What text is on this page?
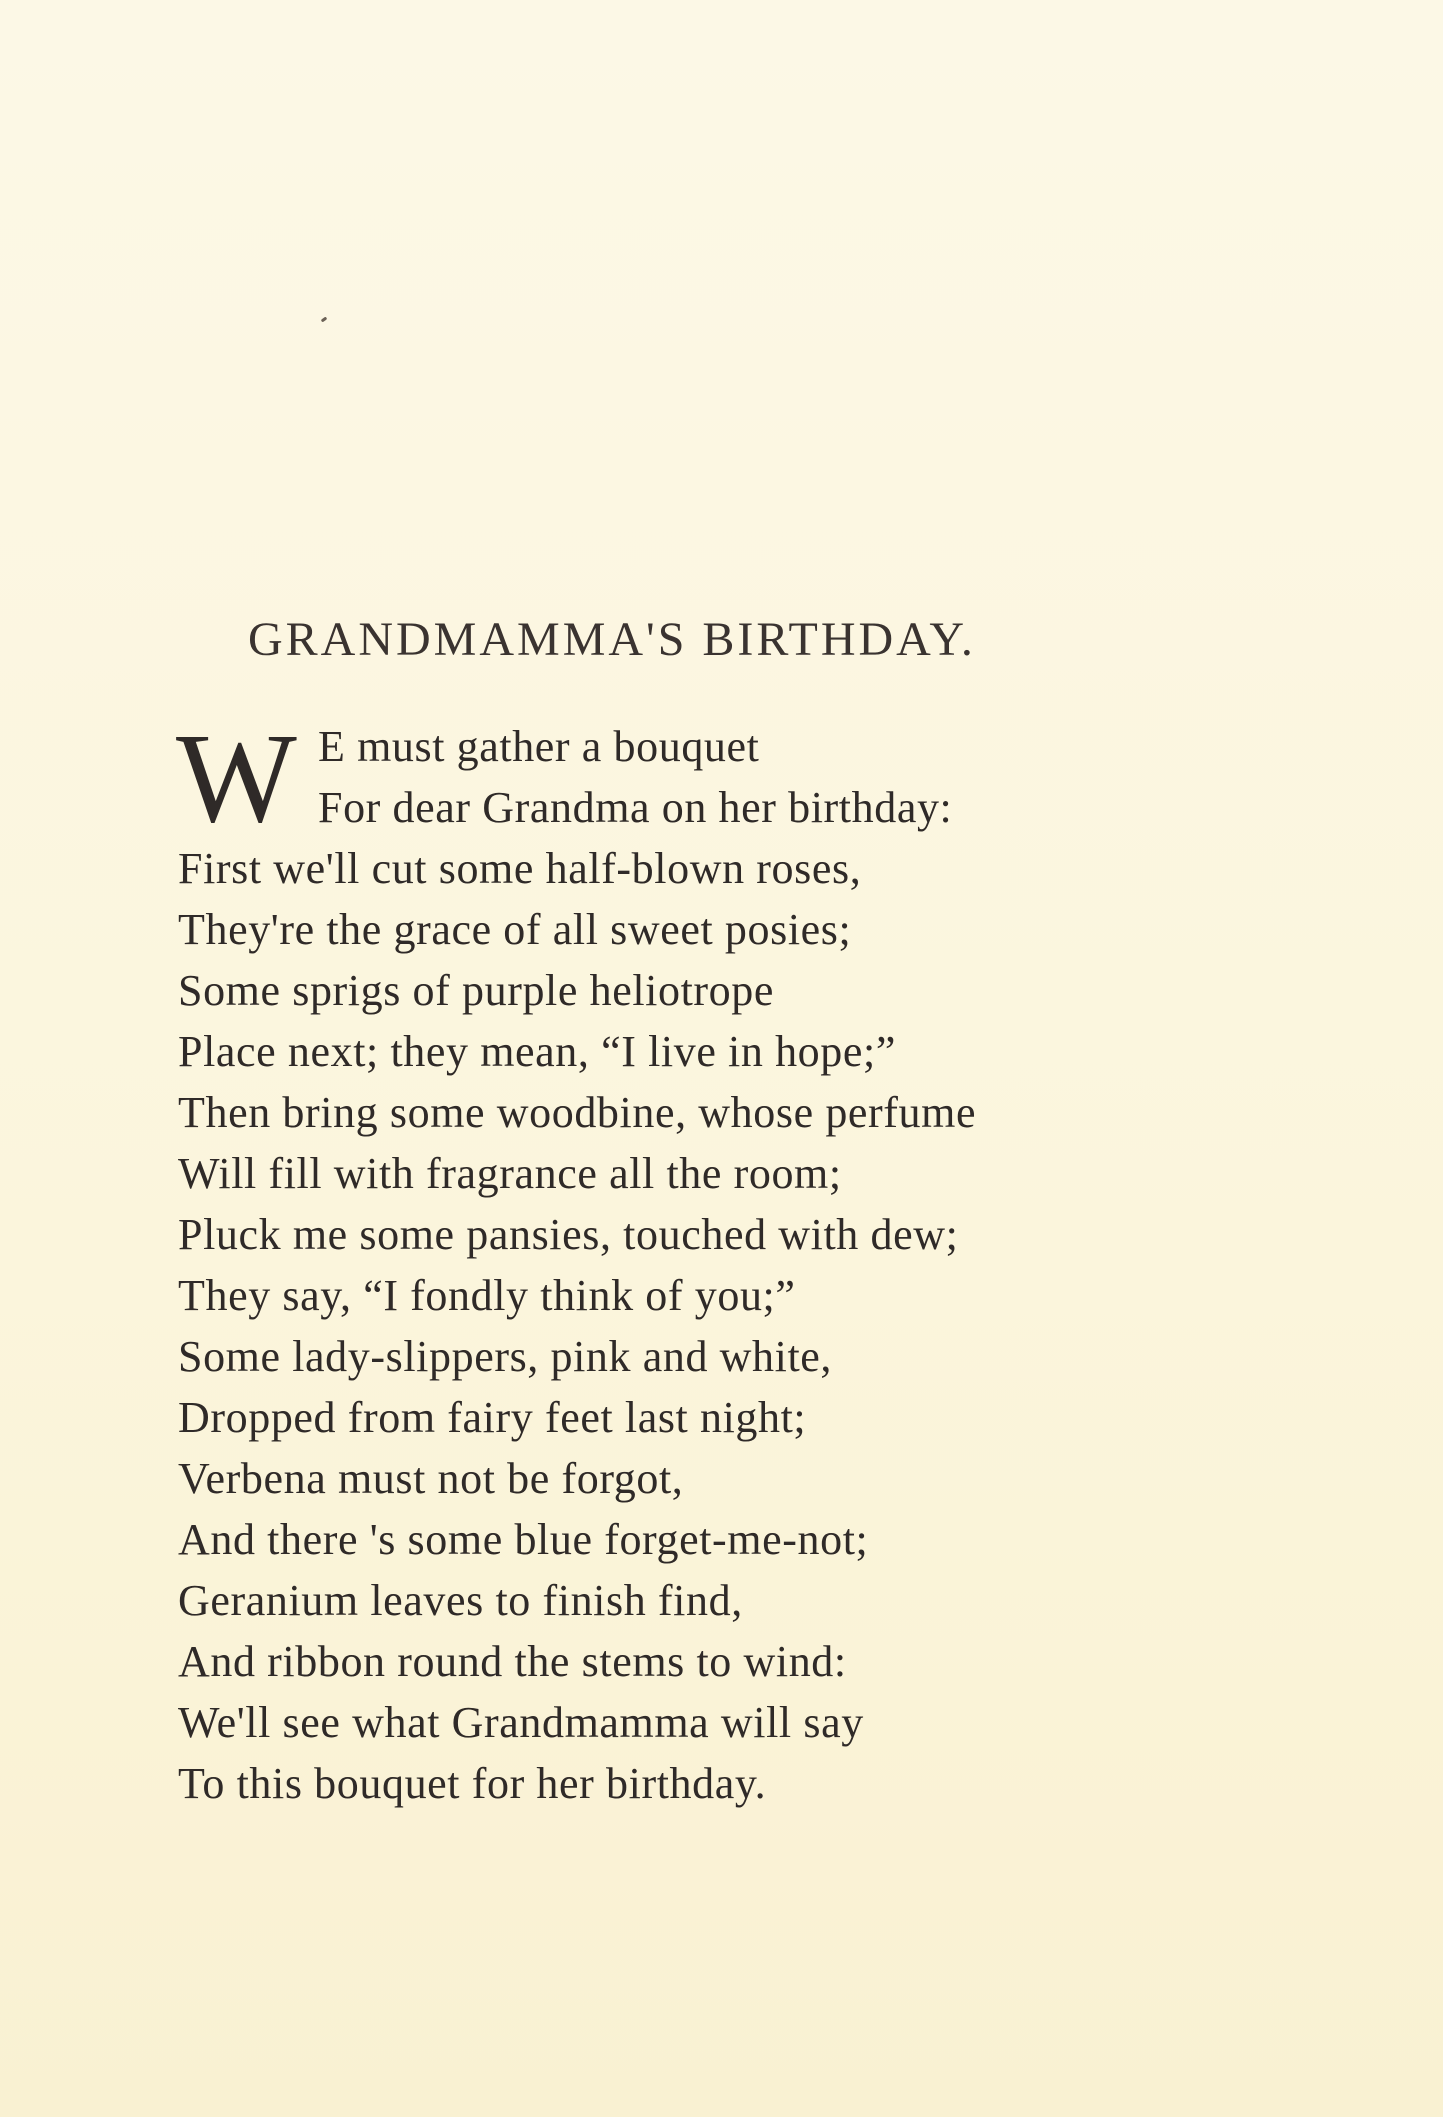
GRANDMAMMA'S BIRTHDAY.
W E must gather a bouquet
For dear Grandma on her birthday:
First we'll cut some half-blown roses,
They're the grace of all sweet posies;
Some sprigs of purple heliotrope
Place next; they mean, “I live in hope;”
Then bring some woodbine, whose perfume
Will fill with fragrance all the room;
Pluck me some pansies, touched with dew;
They say, “I fondly think of you;”
Some lady-slippers, pink and white,
Dropped from fairy feet last night;
Verbena must not be forgot,
And there 's some blue forget-me-not;
Geranium leaves to finish find,
And ribbon round the stems to wind:
We'll see what Grandmamma will say
To this bouquet for her birthday.
